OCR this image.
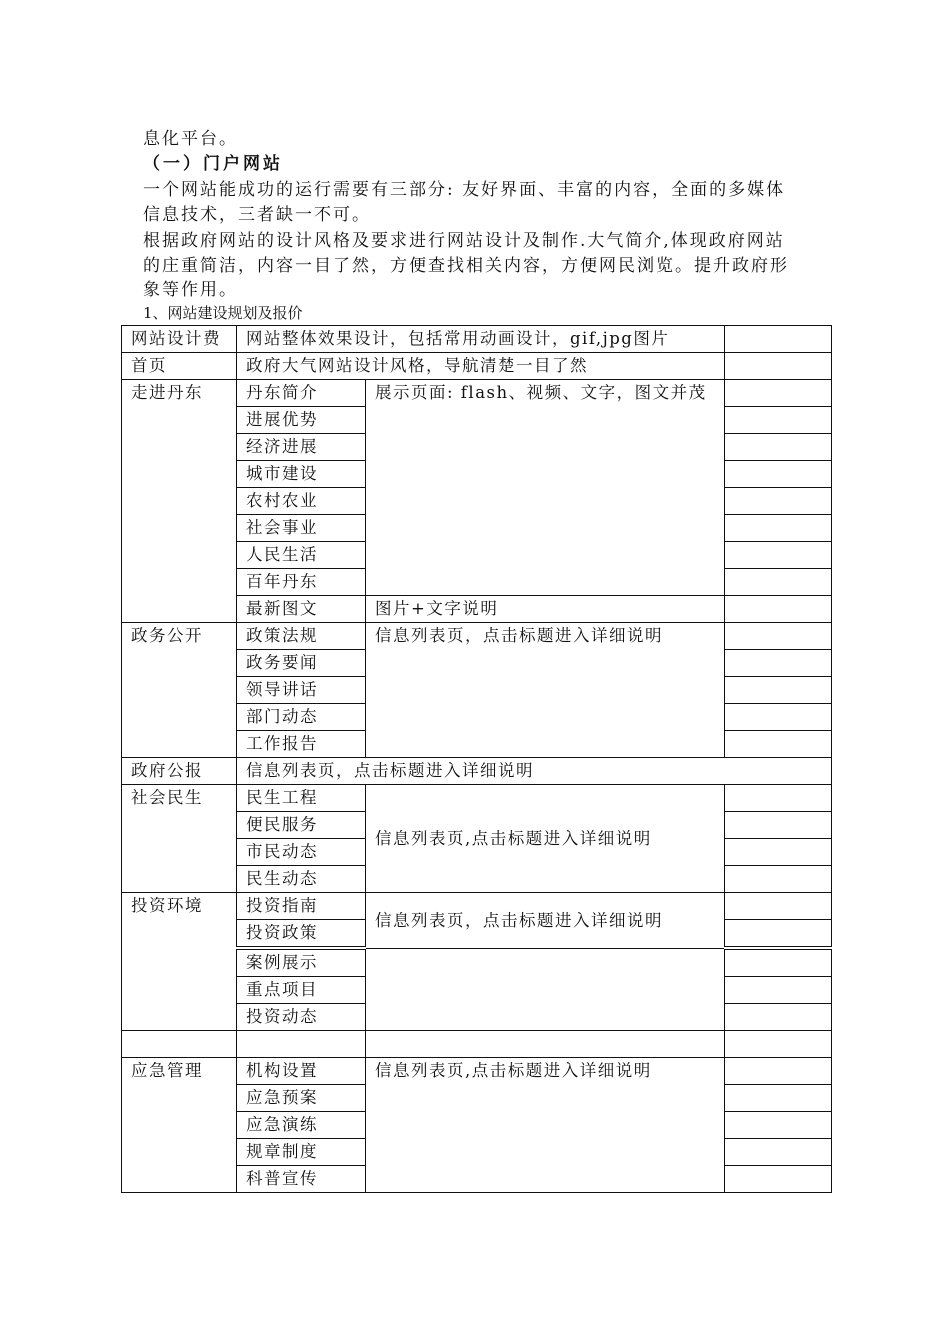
息化平台。
（一）门户网站
一个网站能成功的运行需要有三部分: 友好界面、丰富的内容，全面的多媒体
信息技术，三者缺一不可。
根据政府网站的设计风格及要求进行网站设计及制作.大气简介,体现政府网站
的庄重简洁，内容一目了然，方便查找相关内容，方便网民浏览。提升政府形
象等作用。
1、网站建设规划及报价
网站设计费	网站整体效果设计，包括常用动画设计，gif,jpg图片		
首页	政府大气网站设计风格，导航清楚一目了然		
走进丹东	丹东简介	展示页面: flash、视频、文字，图文并茂	
	进展优势		
	经济进展		
	城市建设		
	农村农业		
	社会事业		
	人民生活		
	百年丹东		
	最新图文	图片+文字说明	
政务公开	政策法规	信息列表页，点击标题进入详细说明	
	政务要闻		
	领导讲话		
	部门动态		
	工作报告		
政府公报	信息列表页，点击标题进入详细说明		
社会民生	民生工程	信息列表页,点击标题进入详细说明	
	便民服务		
	市民动态		
	民生动态		
投资环境	投资指南	信息列表页，点击标题进入详细说明	
	投资政策		
	案例展示		
	重点项目		
	投资动态		

应急管理	机构设置	信息列表页,点击标题进入详细说明	
	应急预案		
	应急演练		
	规章制度		
	科普宣传		
